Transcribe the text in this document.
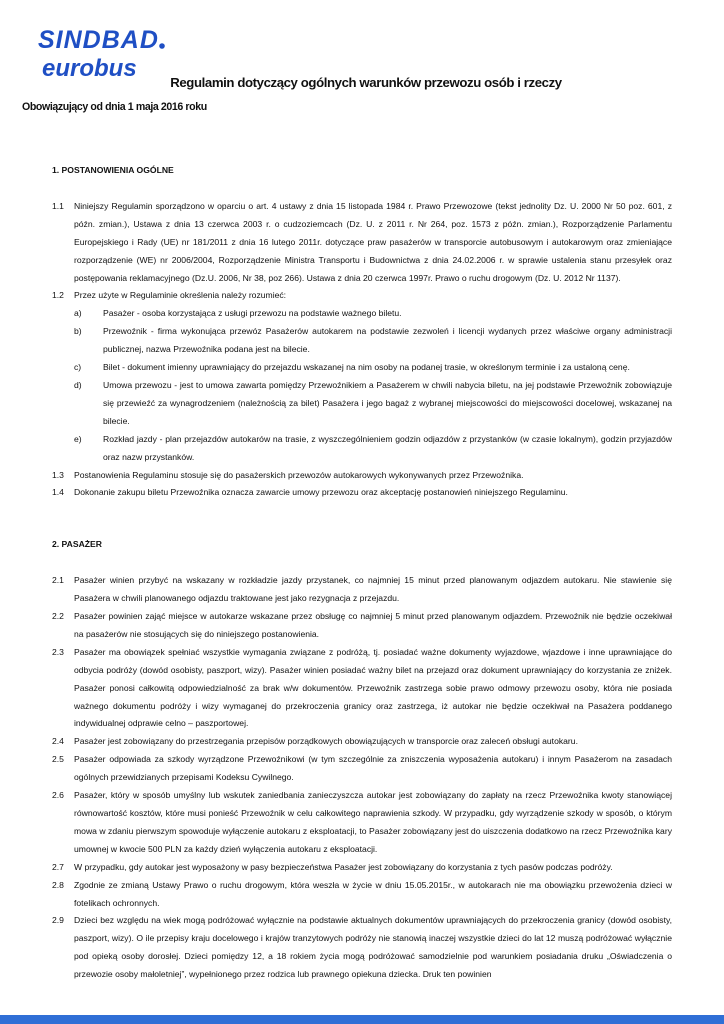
SINDBAD
eurobus
Regulamin dotyczący ogólnych warunków przewozu osób i rzeczy
Obowiązujący od dnia 1 maja 2016 roku
1. POSTANOWIENIA OGÓLNE
1.1	Niniejszy Regulamin sporządzono w oparciu o art. 4 ustawy z dnia 15 listopada 1984 r. Prawo Przewozowe (tekst jednolity Dz. U. 2000 Nr 50 poz. 601, z późn. zmian.), Ustawa z dnia 13 czerwca 2003 r. o cudzoziemcach (Dz. U. z 2011 r. Nr 264, poz. 1573 z późn. zmian.), Rozporządzenie Parlamentu Europejskiego i Rady (UE) nr 181/2011 z dnia 16 lutego 2011r. dotyczące praw pasażerów w transporcie autobusowym i autokarowym oraz zmieniające rozporządzenie (WE) nr 2006/2004, Rozporządzenie Ministra Transportu i Budownictwa z dnia 24.02.2006 r. w sprawie ustalenia stanu przesyłek oraz postępowania reklamacyjnego (Dz.U. 2006, Nr 38, poz 266). Ustawa z dnia 20 czerwca 1997r. Prawo o ruchu drogowym (Dz. U. 2012 Nr 1137).
1.2	Przez użyte w Regulaminie określenia należy rozumieć:
a)	Pasażer - osoba korzystająca z usługi przewozu na podstawie ważnego biletu.
b)	Przewoźnik - firma wykonująca przewóz Pasażerów autokarem na podstawie zezwoleń i licencji wydanych przez właściwe organy administracji publicznej, nazwa Przewoźnika podana jest na bilecie.
c)	Bilet - dokument imienny uprawniający do przejazdu wskazanej na nim osoby na podanej trasie, w określonym terminie i za ustaloną cenę.
d)	Umowa przewozu - jest to umowa zawarta pomiędzy Przewoźnikiem a Pasażerem w chwili nabycia biletu, na jej podstawie Przewoźnik zobowiązuje się przewieźć za wynagrodzeniem (należnością za bilet) Pasażera i jego bagaż z wybranej miejscowości do miejscowości docelowej, wskazanej na bilecie.
e)	Rozkład jazdy - plan przejazdów autokarów na trasie, z wyszczególnieniem godzin odjazdów z przystanków (w czasie lokalnym), godzin przyjazdów oraz nazw przystanków.
1.3	Postanowienia Regulaminu stosuje się do pasażerskich przewozów autokarowych wykonywanych przez Przewoźnika.
1.4	Dokonanie zakupu biletu Przewoźnika oznacza zawarcie umowy przewozu oraz akceptację postanowień niniejszego Regulaminu.
2. PASAŻER
2.1	Pasażer winien przybyć na wskazany w rozkładzie jazdy przystanek, co najmniej 15 minut przed planowanym odjazdem autokaru. Nie stawienie się Pasażera w chwili planowanego odjazdu traktowane jest jako rezygnacja z przejazdu.
2.2	Pasażer powinien zająć miejsce w autokarze wskazane przez obsługę co najmniej 5 minut przed planowanym odjazdem. Przewoźnik nie będzie oczekiwał na pasażerów nie stosujących się do niniejszego postanowienia.
2.3	Pasażer ma obowiązek spełniać wszystkie wymagania związane z podróżą, tj. posiadać ważne dokumenty wyjazdowe, wjazdowe i inne uprawniające do odbycia podróży (dowód osobisty, paszport, wizy). Pasażer winien posiadać ważny bilet na przejazd oraz dokument uprawniający do korzystania ze zniżek. Pasażer ponosi całkowitą odpowiedzialność za brak w/w dokumentów. Przewoźnik zastrzega sobie prawo odmowy przewozu osoby, która nie posiada ważnego dokumentu podróży i wizy wymaganej do przekroczenia granicy oraz zastrzega, iż autokar nie będzie oczekiwał na Pasażera poddanego indywidualnej odprawie celno – paszportowej.
2.4	Pasażer jest zobowiązany do przestrzegania przepisów porządkowych obowiązujących w transporcie oraz zaleceń obsługi autokaru.
2.5	Pasażer odpowiada za szkody wyrządzone Przewoźnikowi (w tym szczególnie za zniszczenia wyposażenia autokaru) i innym Pasażerom na zasadach ogólnych przewidzianych przepisami Kodeksu Cywilnego.
2.6	Pasażer, który w sposób umyślny lub wskutek zaniedbania zanieczyszcza autokar jest zobowiązany do zapłaty na rzecz Przewoźnika kwoty stanowiącej równowartość kosztów, które musi ponieść Przewoźnik w celu całkowitego naprawienia szkody. W przypadku, gdy wyrządzenie szkody w sposób, o którym mowa w zdaniu pierwszym spowoduje wyłączenie autokaru z eksploatacji, to Pasażer zobowiązany jest do uiszczenia dodatkowo na rzecz Przewoźnika kary umownej w kwocie 500 PLN za każdy dzień wyłączenia autokaru z eksploatacji.
2.7	W przypadku, gdy autokar jest wyposażony w pasy bezpieczeństwa Pasażer jest zobowiązany do korzystania z tych pasów podczas podróży.
2.8	Zgodnie ze zmianą Ustawy Prawo o ruchu drogowym, która weszła w życie w dniu 15.05.2015r., w autokarach nie ma obowiązku przewożenia dzieci w fotelikach ochronnych.
2.9	Dzieci bez względu na wiek mogą podróżować wyłącznie na podstawie aktualnych dokumentów uprawniających do przekroczenia granicy (dowód osobisty, paszport, wizy). O ile przepisy kraju docelowego i krajów tranzytowych podróży nie stanowią inaczej wszystkie dzieci do lat 12 muszą podróżować wyłącznie pod opieką osoby dorosłej. Dzieci pomiędzy 12, a 18 rokiem życia mogą podróżować samodzielnie pod warunkiem posiadania druku „Oświadczenia o przewozie osoby małoletniej”, wypełnionego przez rodzica lub prawnego opiekuna dziecka. Druk ten powinien
